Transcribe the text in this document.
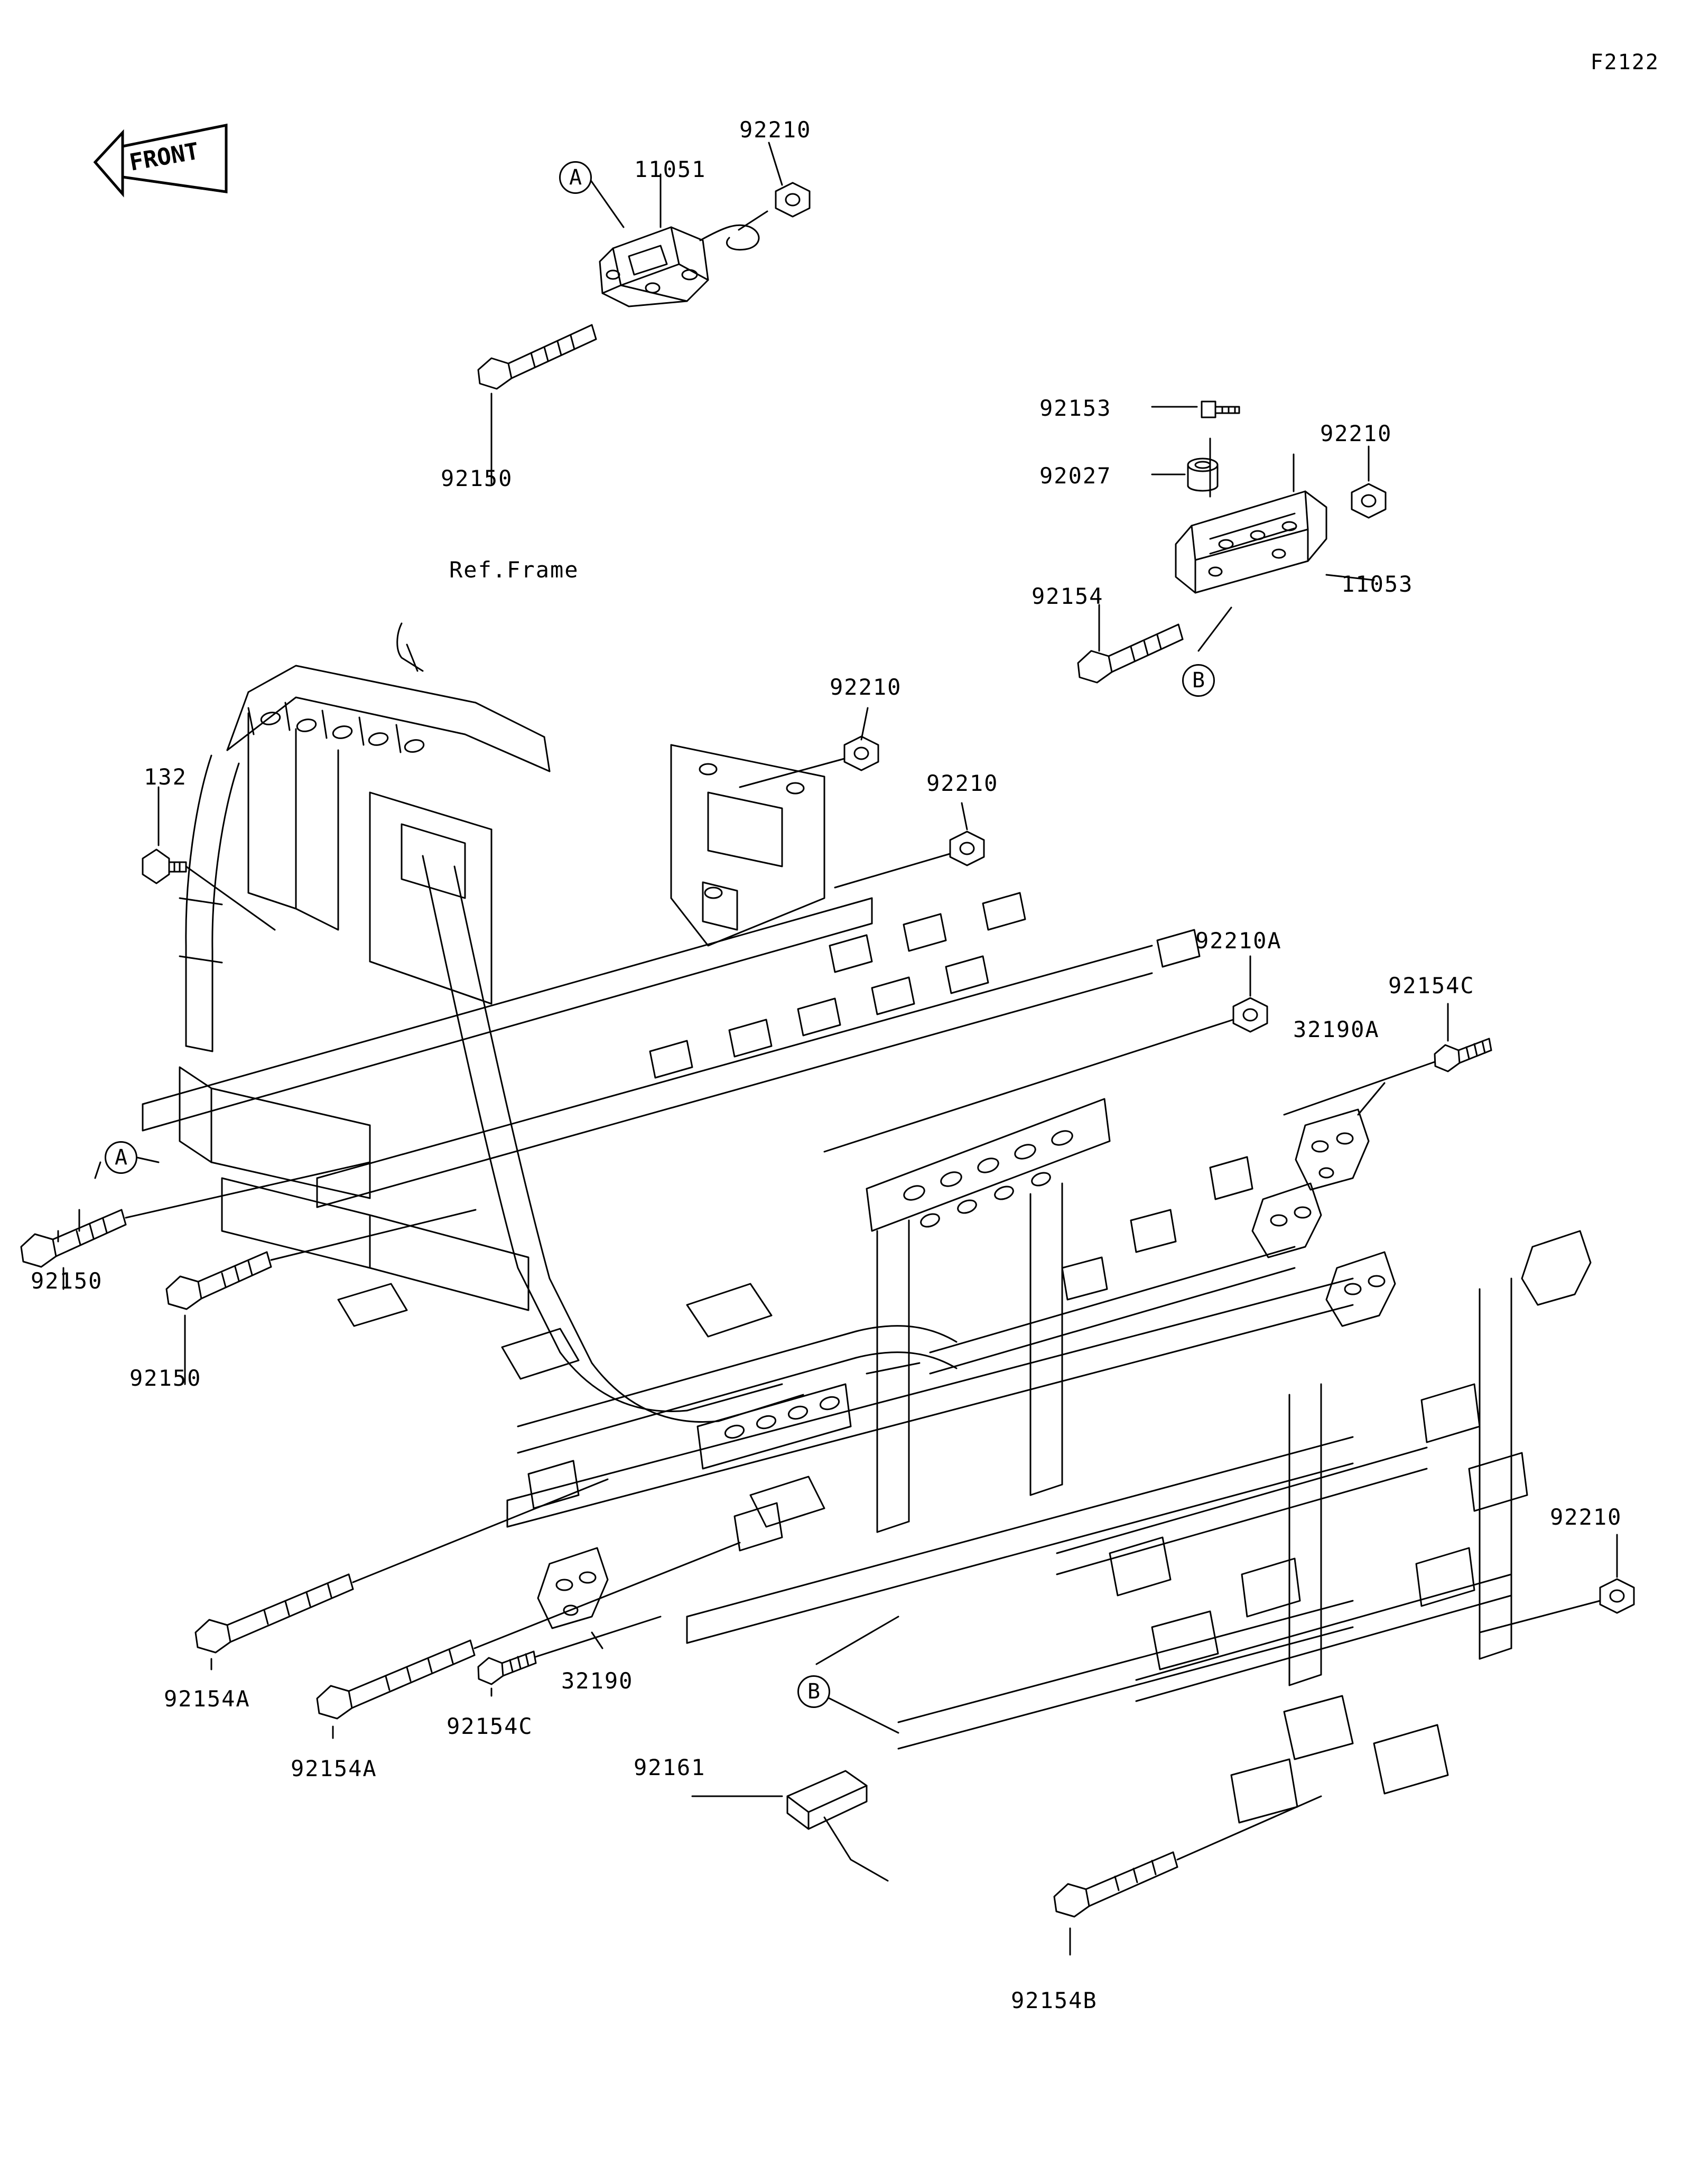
F2122
FRONT
92210
11051
92150
92153
92027
92210
11053
92154
Ref.Frame
92210
92210
132
92210A
92154C
32190A
92150
92150
92210
92154A
92154C
32190
92154A	92161
92154B
A
B
A
B
